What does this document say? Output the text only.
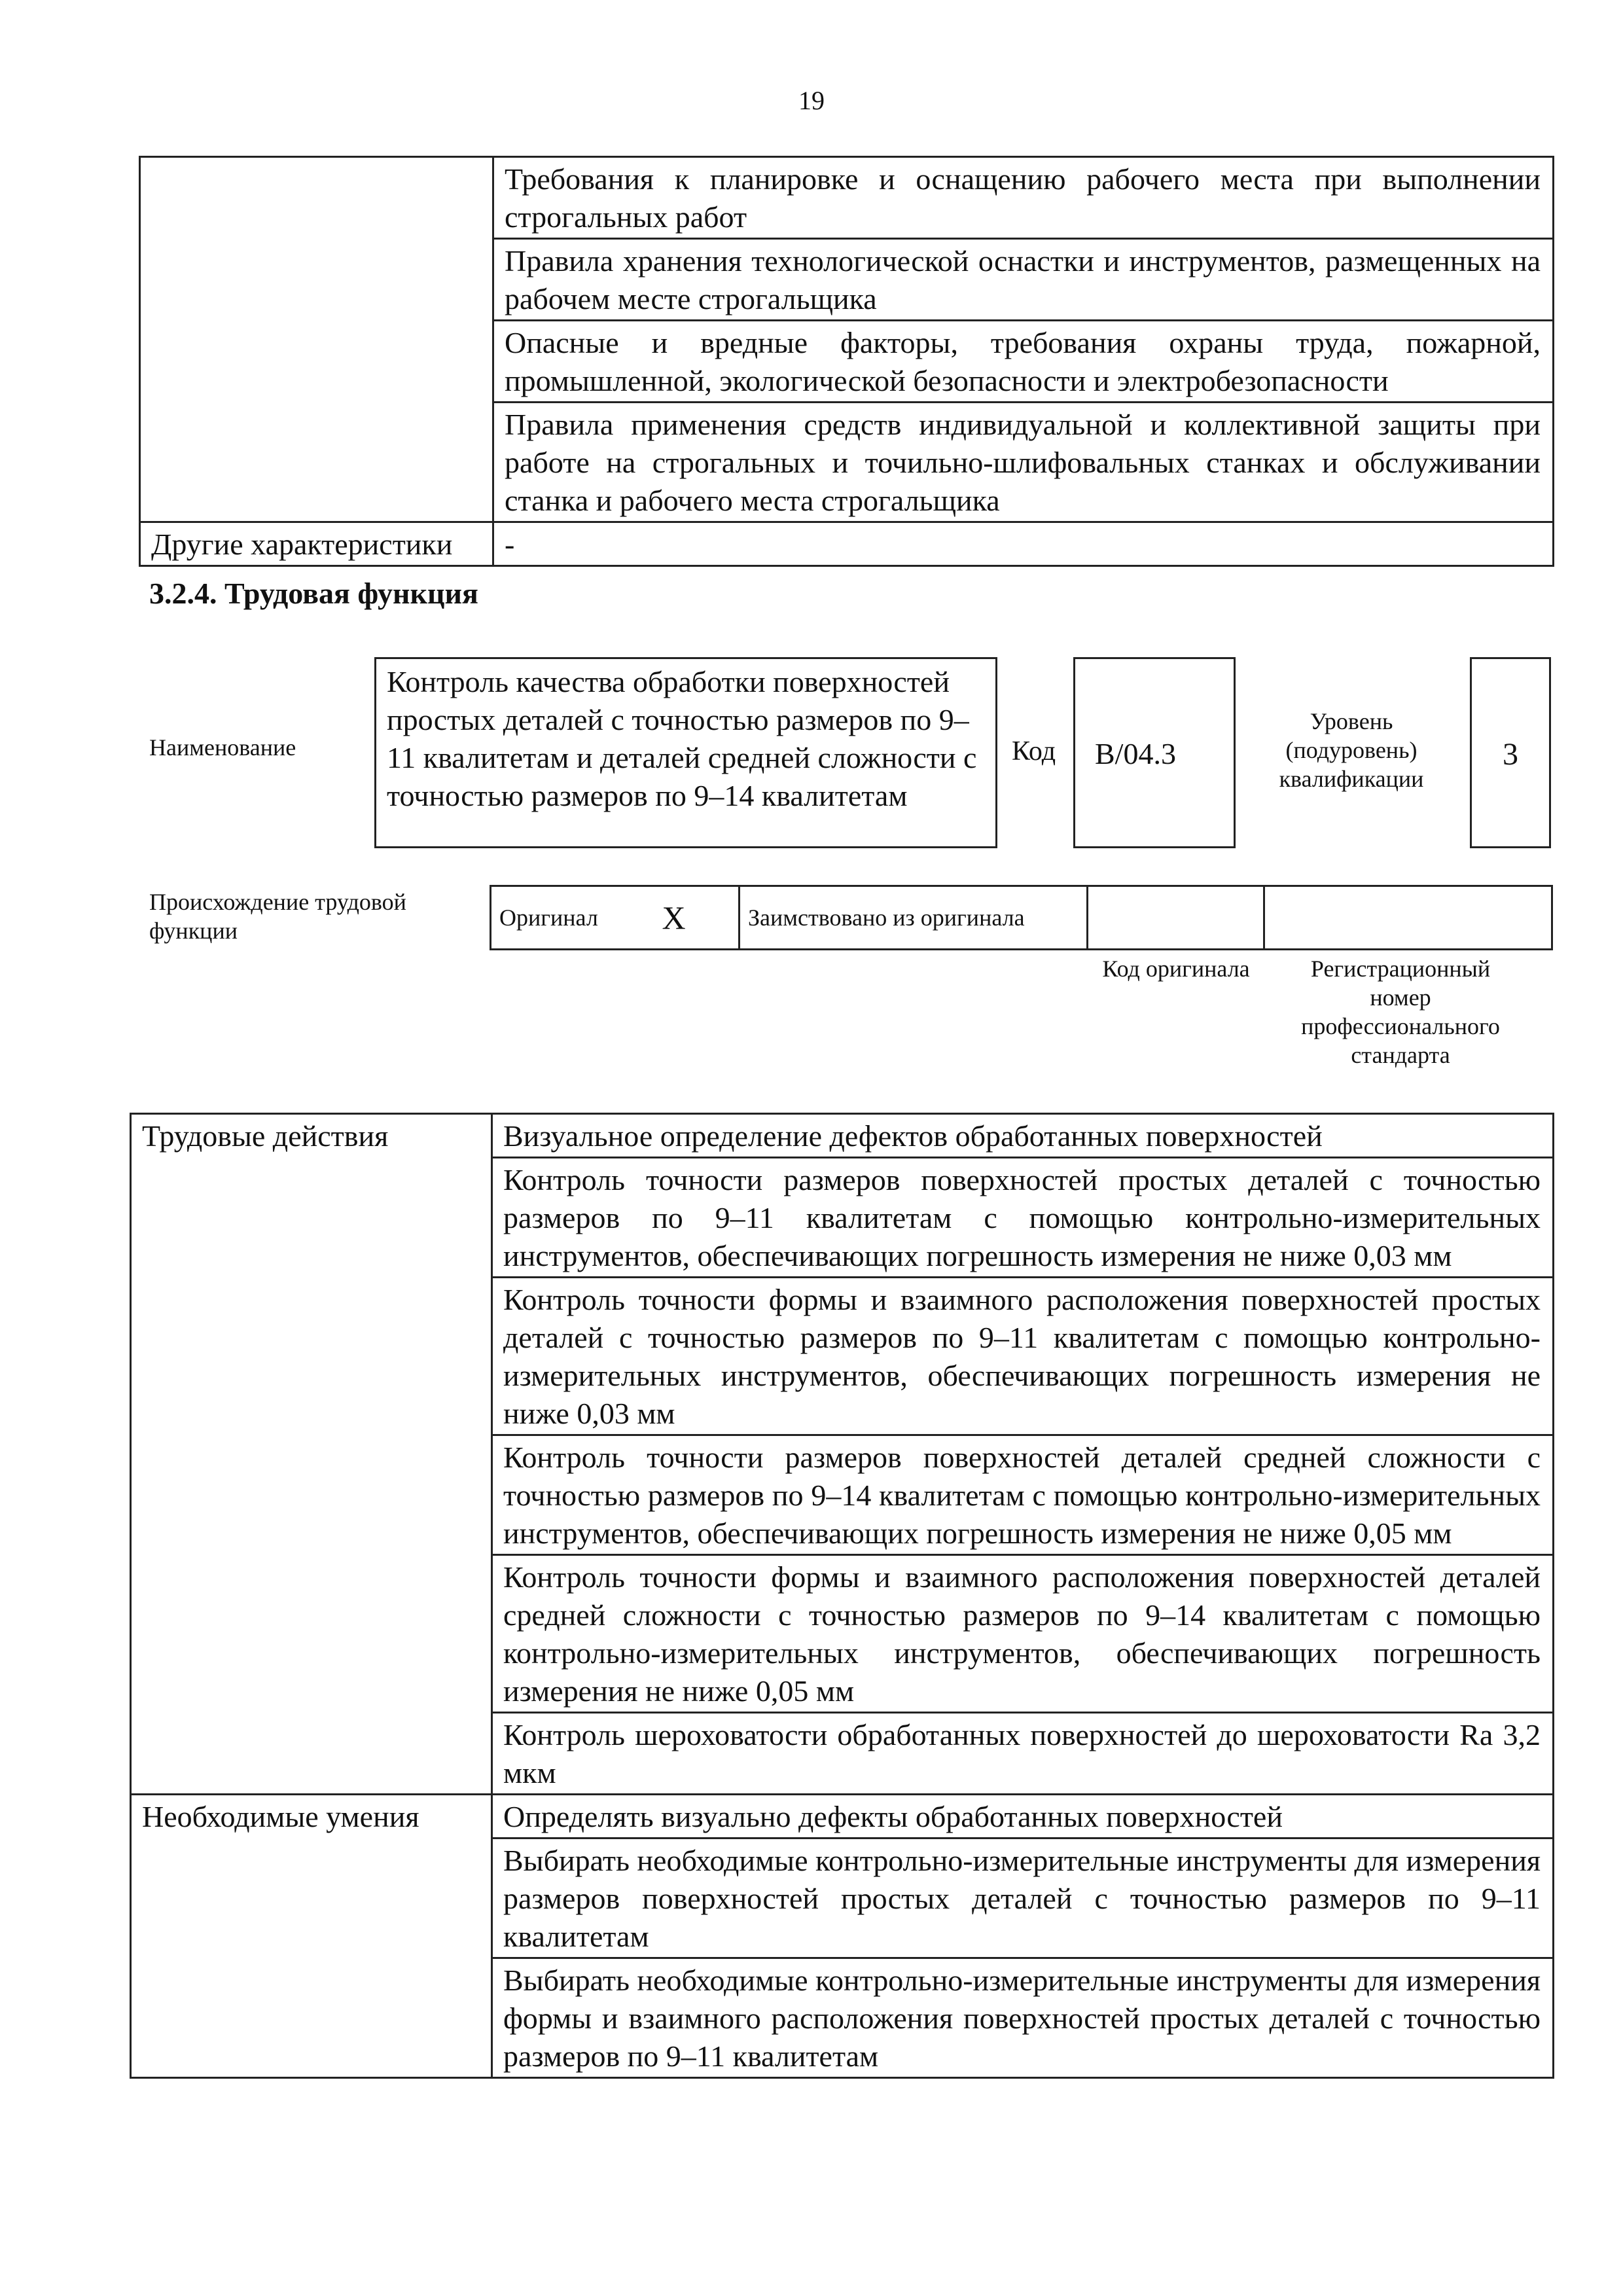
19
	Требования к планировке и оснащению рабочего места при выполнении строгальных работ
	Правила хранения технологической оснастки и инструментов, размещенных на рабочем месте строгальщика
	Опасные и вредные факторы, требования охраны труда, пожарной, промышленной, экологической безопасности и электробезопасности
	Правила применения средств индивидуальной и коллективной защиты при работе на строгальных и точильно-шлифовальных станках и обслуживании станка и рабочего места строгальщика
Другие характеристики	-
3.2.4. Трудовая функция
Наименование
Контроль качества обработки поверхностей простых деталей с точностью размеров по 9–11 квалитетам и деталей средней сложности с точностью размеров по 9–14 квалитетам
Код	B/04.3
Уровень (подуровень) квалификации
3
Происхождение трудовой функции	Оригинал	X	Заимствовано из оригинала		
Код оригинала	Регистрационный номер профессионального стандарта
Трудовые действия	Визуальное определение дефектов обработанных поверхностей
	Контроль точности размеров поверхностей простых деталей с точностью размеров по 9–11 квалитетам с помощью контрольно-измерительных инструментов, обеспечивающих погрешность измерения не ниже 0,03 мм
	Контроль точности формы и взаимного расположения поверхностей простых деталей с точностью размеров по 9–11 квалитетам с помощью контрольно-измерительных инструментов, обеспечивающих погрешность измерения не ниже 0,03 мм
	Контроль точности размеров поверхностей деталей средней сложности с точностью размеров по 9–14 квалитетам с помощью контрольно-измерительных инструментов, обеспечивающих погрешность измерения не ниже 0,05 мм
	Контроль точности формы и взаимного расположения поверхностей деталей средней сложности с точностью размеров по 9–14 квалитетам с помощью контрольно-измерительных инструментов, обеспечивающих погрешность измерения не ниже 0,05 мм
	Контроль шероховатости обработанных поверхностей до шероховатости Ra 3,2 мкм
Необходимые умения	Определять визуально дефекты обработанных поверхностей
	Выбирать необходимые контрольно-измерительные инструменты для измерения размеров поверхностей простых деталей с точностью размеров по 9–11 квалитетам
	Выбирать необходимые контрольно-измерительные инструменты для измерения формы и взаимного расположения поверхностей простых деталей с точностью размеров по 9–11 квалитетам
